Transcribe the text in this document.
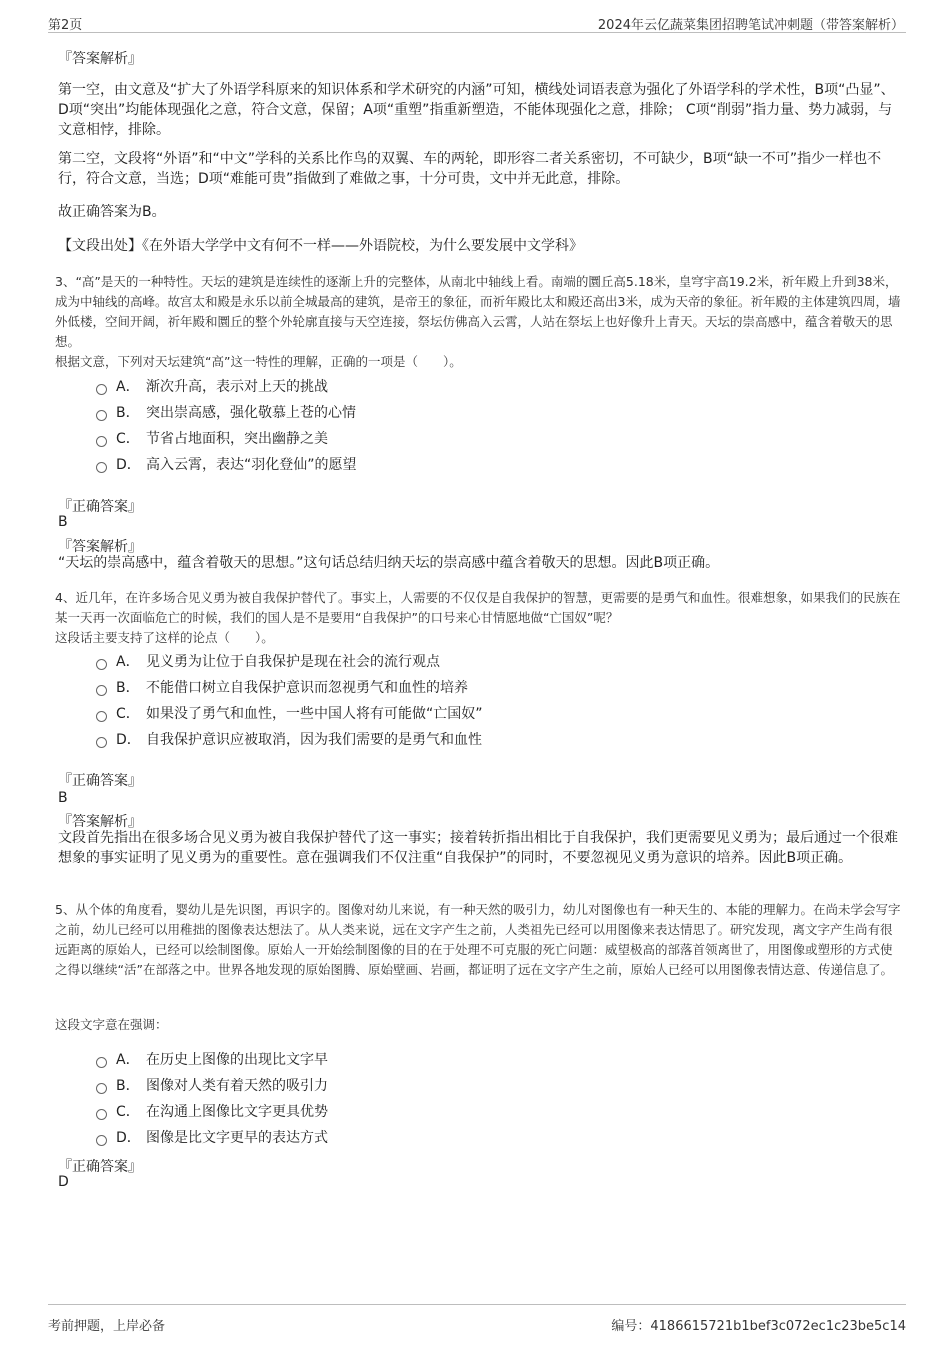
第2页	2024年云亿蔬菜集团招聘笔试冲刺题（带答案解析）
『答案解析』
第一空，由文意及“扩大了外语学科原来的知识体系和学术研究的内涵”可知，横线处词语表意为强化了外语学科的学术性，B项“凸显”、D项“突出”均能体现强化之意，符合文意，保留；A项“重塑”指重新塑造，不能体现强化之意，排除； C项“削弱”指力量、势力减弱，与文意相悖，排除。
第二空，文段将“外语”和“中文”学科的关系比作鸟的双翼、车的两轮，即形容二者关系密切，不可缺少，B项“缺一不可”指少一样也不行，符合文意，当选；D项“难能可贵”指做到了难做之事，十分可贵，文中并无此意，排除。
故正确答案为B。
【文段出处】《在外语大学学中文有何不一样——外语院校，为什么要发展中文学科》
3、“高”是天的一种特性。天坛的建筑是连续性的逐渐上升的完整体，从南北中轴线上看。南端的圜丘高5.18米，皇穹宇高19.2米，祈年殿上升到38米，成为中轴线的高峰。故宫太和殿是永乐以前全城最高的建筑，是帝王的象征，而祈年殿比太和殿还高出3米，成为天帝的象征。祈年殿的主体建筑四周，墙外低楼，空间开阔，祈年殿和圜丘的整个外轮廓直接与天空连接，祭坛仿佛高入云霄，人站在祭坛上也好像升上青天。天坛的崇高感中，蕴含着敬天的思想。
根据文意，下列对天坛建筑“高”这一特性的理解，正确的一项是（　　）。
A． 渐次升高，表示对上天的挑战
B． 突出崇高感，强化敬慕上苍的心情
C． 节省占地面积，突出幽静之美
D． 高入云霄，表达“羽化登仙”的愿望
『正确答案』
B
『答案解析』
“天坛的崇高感中，蕴含着敬天的思想。”这句话总结归纳天坛的崇高感中蕴含着敬天的思想。因此B项正确。
4、近几年，在许多场合见义勇为被自我保护替代了。事实上，人需要的不仅仅是自我保护的智慧，更需要的是勇气和血性。很难想象，如果我们的民族在某一天再一次面临危亡的时候，我们的国人是不是要用“自我保护”的口号来心甘情愿地做“亡国奴”呢？
这段话主要支持了这样的论点（　　）。
A． 见义勇为让位于自我保护是现在社会的流行观点
B． 不能借口树立自我保护意识而忽视勇气和血性的培养
C． 如果没了勇气和血性，一些中国人将有可能做“亡国奴”
D． 自我保护意识应被取消，因为我们需要的是勇气和血性
『正确答案』
B
『答案解析』
文段首先指出在很多场合见义勇为被自我保护替代了这一事实；接着转折指出相比于自我保护，我们更需要见义勇为；最后通过一个很难想象的事实证明了见义勇为的重要性。意在强调我们不仅注重“自我保护”的同时，不要忽视见义勇为意识的培养。因此B项正确。
5、从个体的角度看，婴幼儿是先识图，再识字的。图像对幼儿来说，有一种天然的吸引力，幼儿对图像也有一种天生的、本能的理解力。在尚未学会写字之前，幼儿已经可以用稚拙的图像表达想法了。从人类来说，远在文字产生之前，人类祖先已经可以用图像来表达情思了。研究发现，离文字产生尚有很远距离的原始人，已经可以绘制图像。原始人一开始绘制图像的目的在于处理不可克服的死亡问题：威望极高的部落首领离世了，用图像或塑形的方式使之得以继续“活”在部落之中。世界各地发现的原始图腾、原始壁画、岩画，都证明了远在文字产生之前，原始人已经可以用图像表情达意、传递信息了。
这段文字意在强调：
A． 在历史上图像的出现比文字早
B． 图像对人类有着天然的吸引力
C． 在沟通上图像比文字更具优势
D． 图像是比文字更早的表达方式
『正确答案』
D
考前押题，上岸必备	编号：4186615721b1bef3c072ec1c23be5c14
